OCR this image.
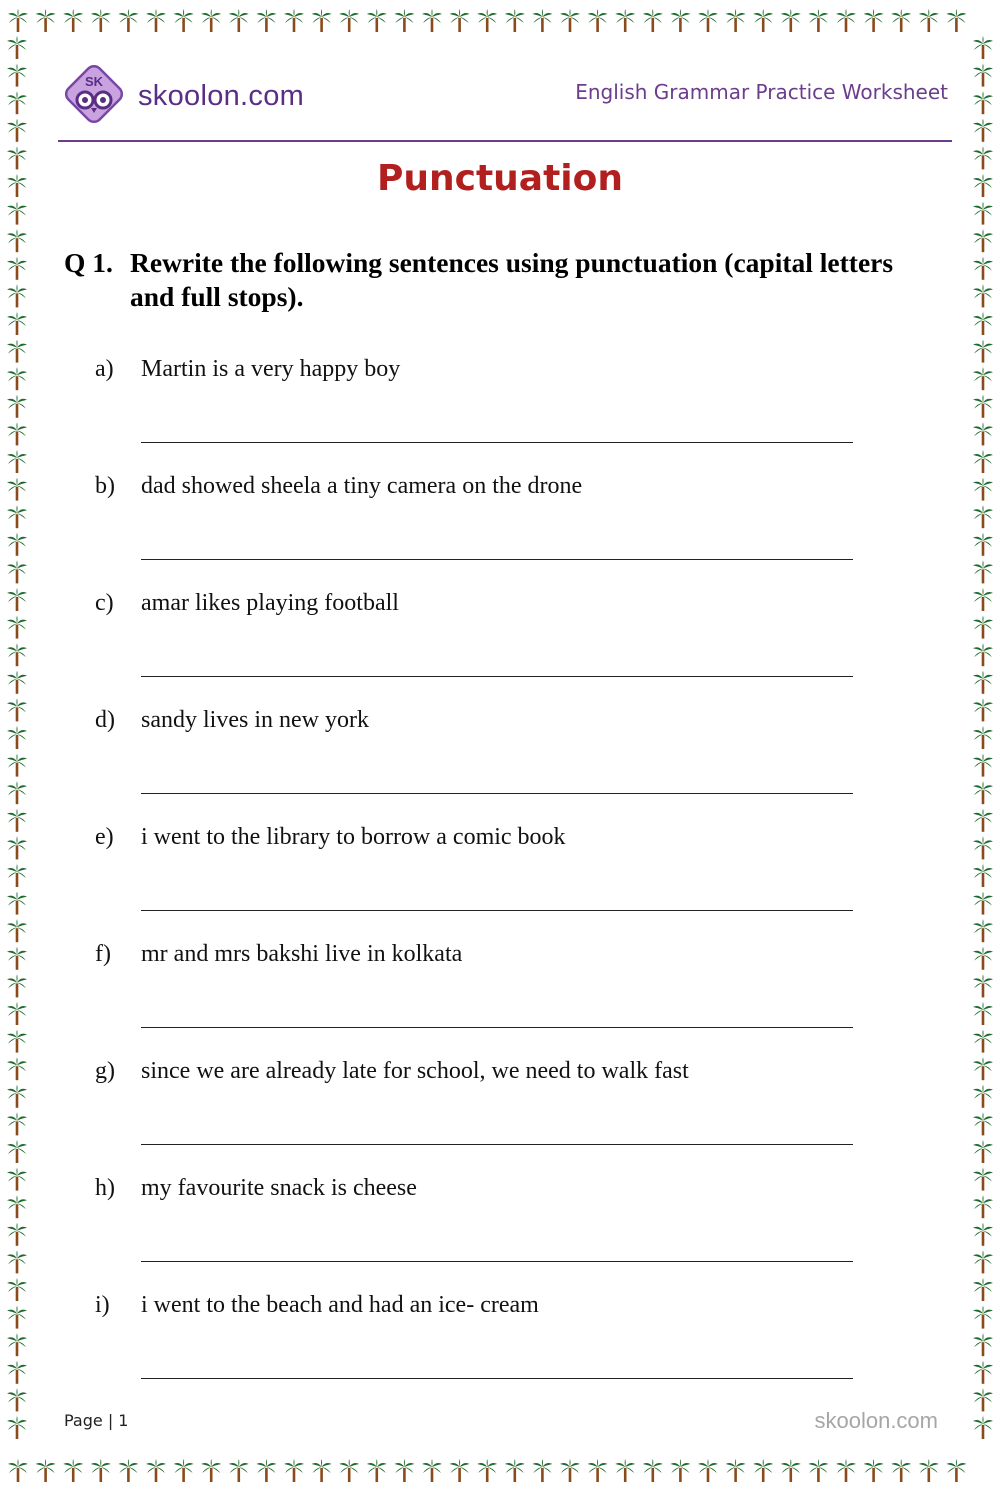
SK skoolon.com	English Grammar Practice Worksheet
Punctuation
Q 1. Rewrite the following sentences using punctuation (capital letters and full stops).
a) Martin is a very happy boy
b) dad showed sheela a tiny camera on the drone
c) amar likes playing football
d) sandy lives in new york
e) i went to the library to borrow a comic book
f) mr and mrs bakshi live in kolkata
g) since we are already late for school, we need to walk fast
h) my favourite snack is cheese
i) i went to the beach and had an ice- cream
Page | 1	skoolon.com
